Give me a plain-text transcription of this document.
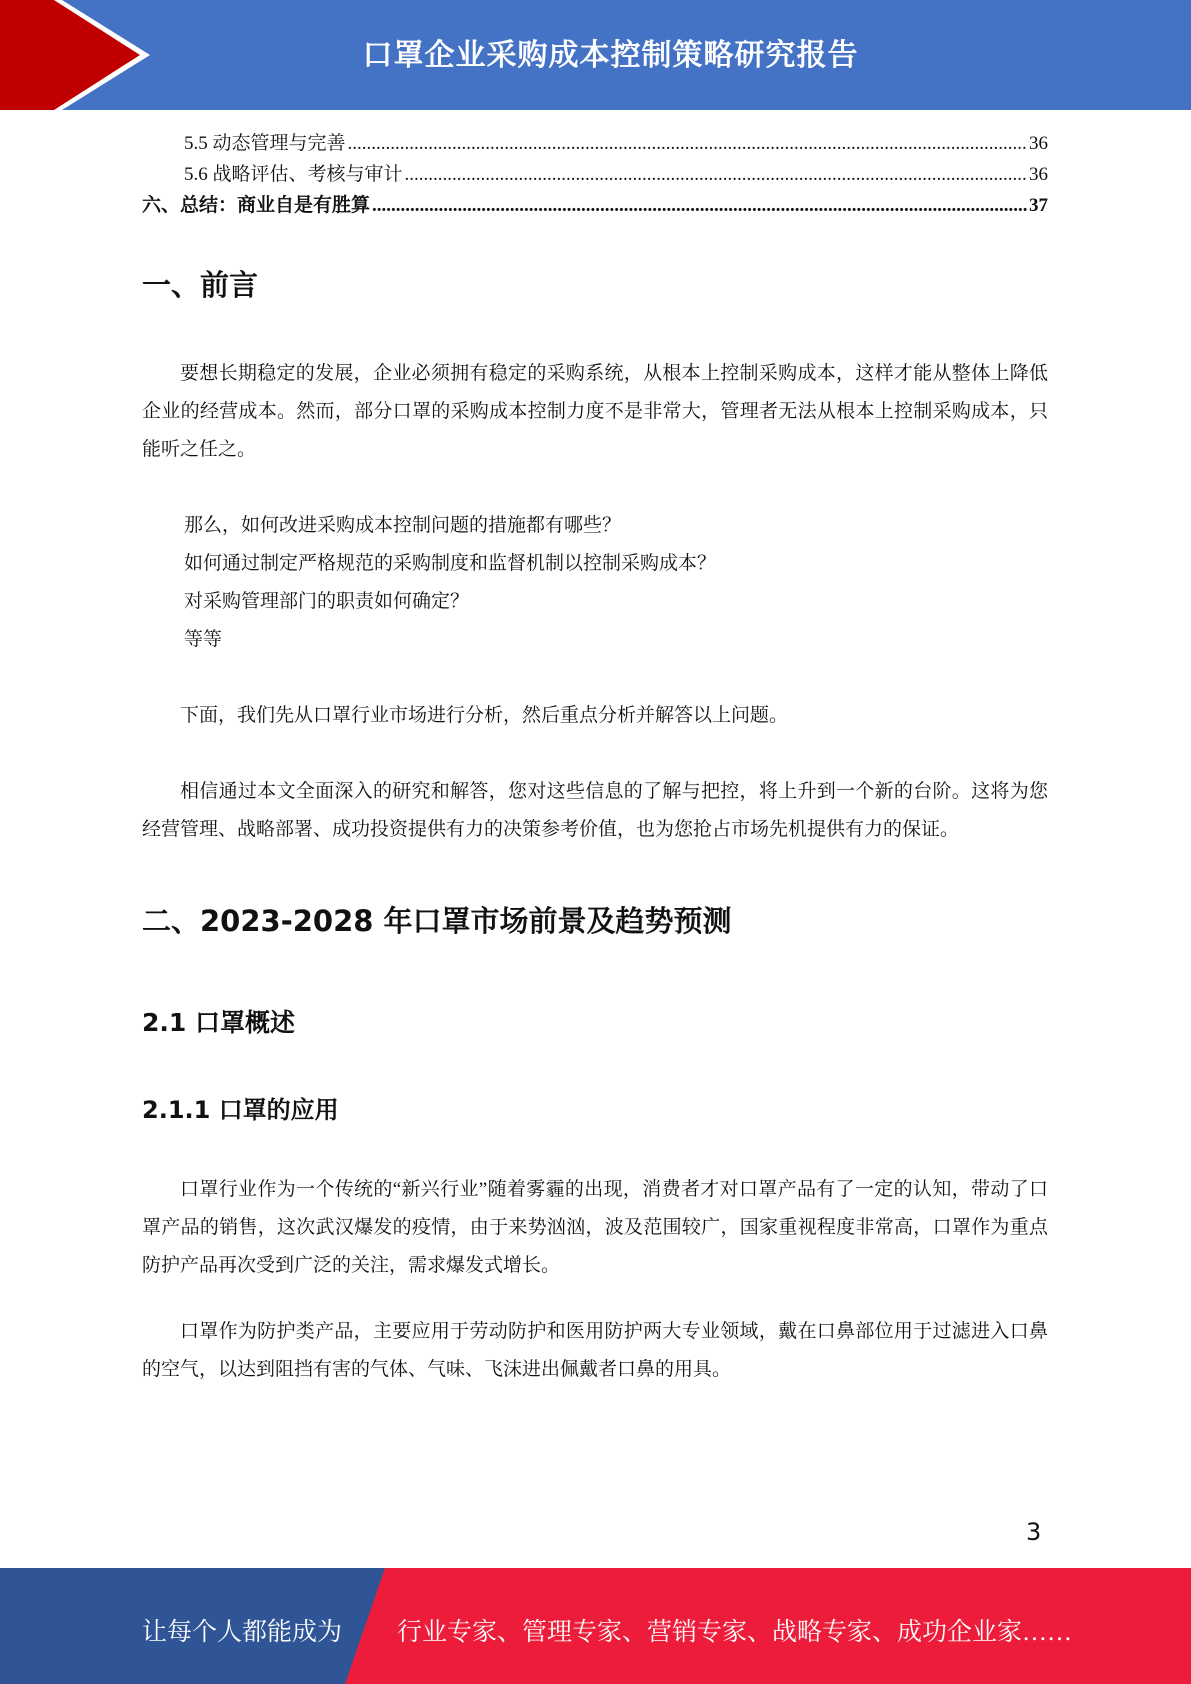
口罩企业采购成本控制策略研究报告
5.5 动态管理与完善 .....	36
5.6 战略评估、考核与审计 .....	36
六、总结：商业自是有胜算 .....	37
一、前言

要想长期稳定的发展，企业必须拥有稳定的采购系统，从根本上控制采购成本，这样才能从整体上降低企业的经营成本。然而，部分口罩的采购成本控制力度不是非常大，管理者无法从根本上控制采购成本，只能听之任之。

那么，如何改进采购成本控制问题的措施都有哪些？
如何通过制定严格规范的采购制度和监督机制以控制采购成本？
对采购管理部门的职责如何确定？
等等

下面，我们先从口罩行业市场进行分析，然后重点分析并解答以上问题。

相信通过本文全面深入的研究和解答，您对这些信息的了解与把控，将上升到一个新的台阶。这将为您经营管理、战略部署、成功投资提供有力的决策参考价值，也为您抢占市场先机提供有力的保证。

二、2023-2028 年口罩市场前景及趋势预测
2.1 口罩概述
2.1.1 口罩的应用

口罩行业作为一个传统的“新兴行业”随着雾霾的出现，消费者才对口罩产品有了一定的认知，带动了口罩产品的销售，这次武汉爆发的疫情，由于来势汹汹，波及范围较广，国家重视程度非常高，口罩作为重点防护产品再次受到广泛的关注，需求爆发式增长。

口罩作为防护类产品，主要应用于劳动防护和医用防护两大专业领域，戴在口鼻部位用于过滤进入口鼻的空气，以达到阻挡有害的气体、气味、飞沫进出佩戴者口鼻的用具。

3
让每个人都能成为 行业专家、管理专家、营销专家、战略专家、成功企业家……
